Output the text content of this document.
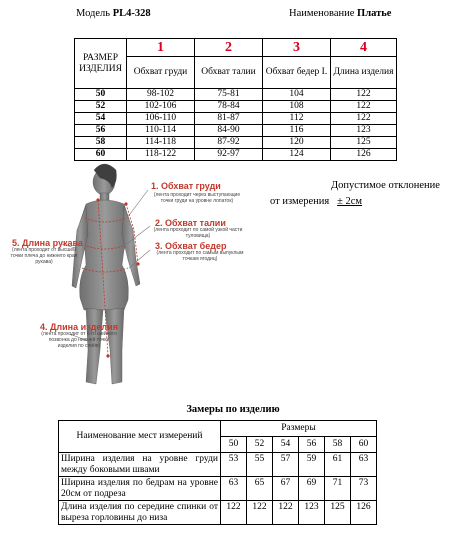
Модель PL4-328	Наименование Платье
РАЗМЕР ИЗДЕЛИЯ	1	2	3	4
	Обхват груди	Обхват талии	Обхват бедер I.	Длина изделия
50	98-102	75-81	104	122
52	102-106	78-84	108	122
54	106-110	81-87	112	122
56	110-114	84-90	116	123
58	114-118	87-92	120	125
60	118-122	92-97	124	126
Допустимое отклонение
от измерения ± 2см
1. Обхват груди
(лента проходит через выступающие точки груди на уровне лопаток)
2. Обхват талии
(лента проходит по самой узкой части туловища)
3. Обхват бедер
(лента проходит по самым выпуклым точкам ягодиц)
5. Длина рукава
(лента проходит от высшей точки плеча до нижнего края рукава)
4. Длина изделия
(лента проходит от 6-го шейного позвонка до нижней точки изделия по спине)
Замеры по изделию
Наименование мест измерений	Размеры					
	50	52	54	56	58	60
Ширина изделия на уровне груди между боковыми швами	53	55	57	59	61	63
Ширина изделия по бедрам на уровне 20см от подреза	63	65	67	69	71	73
Длина изделия по середине спинки от выреза горловины до низа	122	122	122	123	125	126
